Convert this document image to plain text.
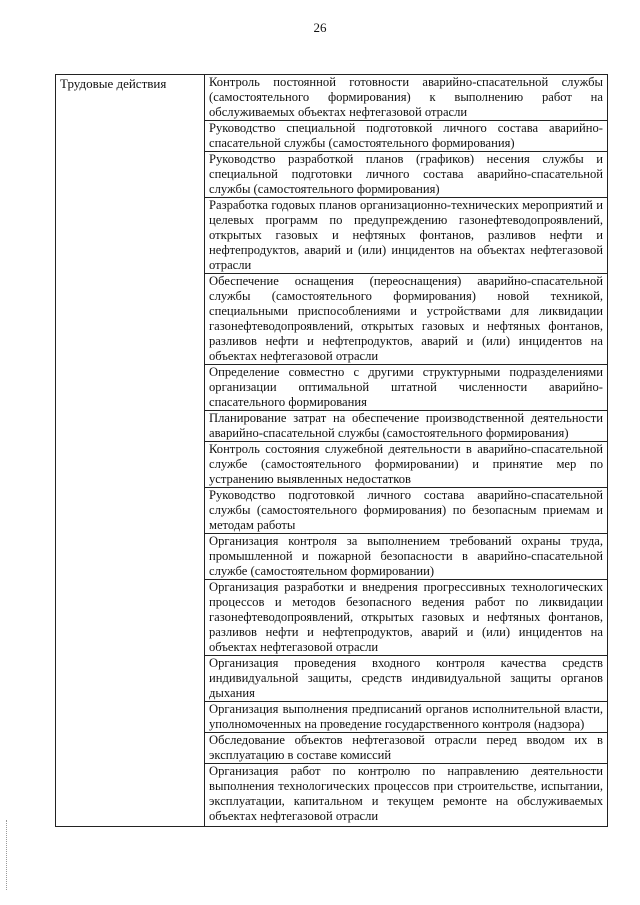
26
Трудовые действия	Контроль постоянной готовности аварийно-спасательной службы (самостоятельного формирования) к выполнению работ на обслуживаемых объектах нефтегазовой отрасли
Руководство специальной подготовкой личного состава аварийно-спасательной службы (самостоятельного формирования)
Руководство разработкой планов (графиков) несения службы и специальной подготовки личного состава аварийно-спасательной службы (самостоятельного формирования)
Разработка годовых планов организационно-технических мероприятий и целевых программ по предупреждению газонефтеводопроявлений, открытых газовых и нефтяных фонтанов, разливов нефти и нефтепродуктов, аварий и (или) инцидентов на объектах нефтегазовой отрасли
Обеспечение оснащения (переоснащения) аварийно-спасательной службы (самостоятельного формирования) новой техникой, специальными приспособлениями и устройствами для ликвидации газонефтеводопроявлений, открытых газовых и нефтяных фонтанов, разливов нефти и нефтепродуктов, аварий и (или) инцидентов на объектах нефтегазовой отрасли
Определение совместно с другими структурными подразделениями организации оптимальной штатной численности аварийно-спасательного формирования
Планирование затрат на обеспечение производственной деятельности аварийно-спасательной службы (самостоятельного формирования)
Контроль состояния служебной деятельности в аварийно-спасательной службе (самостоятельного формировании) и принятие мер по устранению выявленных недостатков
Руководство подготовкой личного состава аварийно-спасательной службы (самостоятельного формирования) по безопасным приемам и методам работы
Организация контроля за выполнением требований охраны труда, промышленной и пожарной безопасности в аварийно-спасательной службе (самостоятельном формировании)
Организация разработки и внедрения прогрессивных технологических процессов и методов безопасного ведения работ по ликвидации газонефтеводопроявлений, открытых газовых и нефтяных фонтанов, разливов нефти и нефтепродуктов, аварий и (или) инцидентов на объектах нефтегазовой отрасли
Организация проведения входного контроля качества средств индивидуальной защиты, средств индивидуальной защиты органов дыхания
Организация выполнения предписаний органов исполнительной власти, уполномоченных на проведение государственного контроля (надзора)
Обследование объектов нефтегазовой отрасли перед вводом их в эксплуатацию в составе комиссий
Организация работ по контролю по направлению деятельности выполнения технологических процессов при строительстве, испытании, эксплуатации, капитальном и текущем ремонте на обслуживаемых объектах нефтегазовой отрасли
